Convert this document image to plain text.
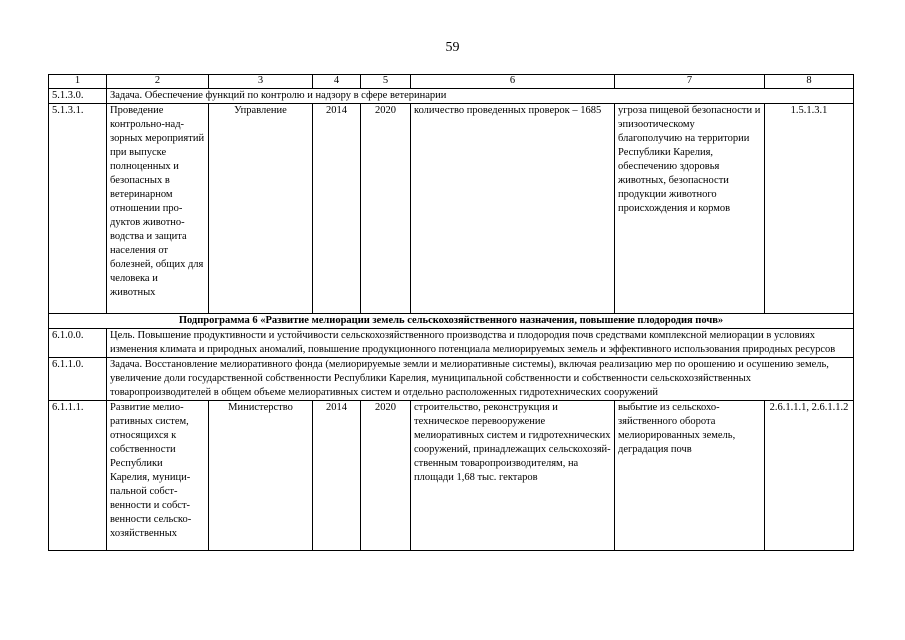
59
1	2	3	4	5	6	7	8
5.1.3.0.	Задача. Обеспечение функций по контролю и надзору в сфере ветеринарии						
5.1.3.1.	Проведение контрольно-надзорных мероприятий при выпуске полноценных и безопасных в ветеринарном отношении продуктов животноводства и защита населения от болезней, общих для человека и животных	Управление	2014	2020	количество проведенных проверок – 1685	угроза пищевой безопасности и эпизоотическому благополучию на территории Республики Карелия, обеспечению здоровья животных, безопасности продукции животного происхождения и кормов	1.5.1.3.1
Подпрограмма 6 «Развитие мелиорации земель сельскохозяйственного назначения, повышение плодородия почв»							
6.1.0.0.	Цель. Повышение продуктивности и устойчивости сельскохозяйственного производства и плодородия почв средствами комплексной мелиорации в условиях изменения климата и природных аномалий, повышение продукционного потенциала мелиорируемых земель и эффективного использования природных ресурсов						
6.1.1.0.	Задача. Восстановление мелиоративного фонда (мелиорируемые земли и мелиоративные системы), включая реализацию мер по орошению и осушению земель, увеличение доли государственной собственности Республики Карелия, муниципальной собственности и собственности сельскохозяйственных товаропроизводителей в общем объеме мелиоративных систем и отдельно расположенных гидротехнических сооружений						
6.1.1.1.	Развитие мелиоративных систем, относящихся к собственности Республики Карелия, муниципальной собственности и собственности сельскохозяйственных	Министерство	2014	2020	строительство, реконструкция и техническое перевооружение мелиоративных систем и гидротехнических сооружений, принадлежащих сельскохозяйственным товаропроизводителям, на площади 1,68 тыс. гектаров	выбытие из сельскохозяйственного оборота мелиорированных земель, деградация почв	2.6.1.1.1, 2.6.1.1.2
